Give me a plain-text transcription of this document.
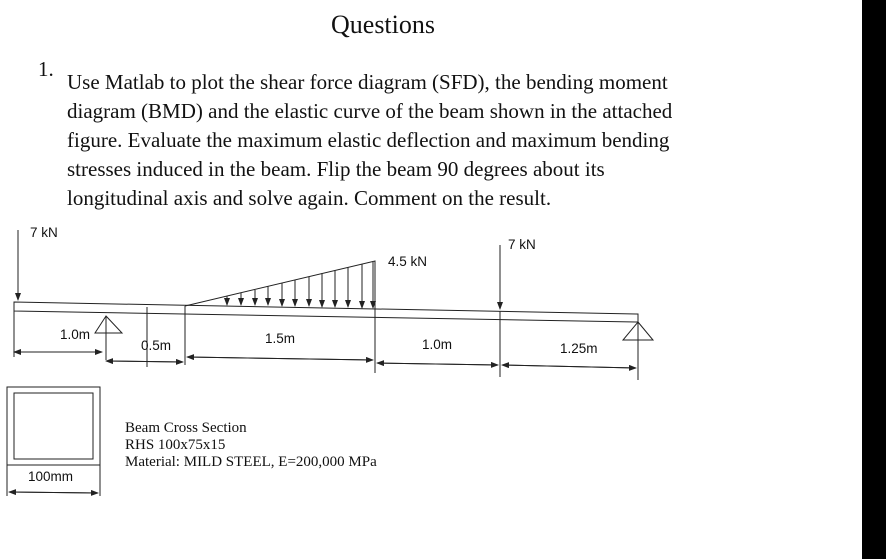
Questions
1.
Use Matlab to plot the shear force diagram (SFD), the bending moment
diagram (BMD) and the elastic curve of the beam shown in the attached
figure. Evaluate the maximum elastic deflection and maximum bending
stresses induced in the beam. Flip the beam 90 degrees about its
longitudinal axis and solve again. Comment on the result.
7 kN
4.5 kN
7 kN
1.0m
0.5m	1.5m	1.0m	1.25m
100mm
Beam Cross Section
RHS 100x75x15
Material: MILD STEEL, E=200,000 MPa
